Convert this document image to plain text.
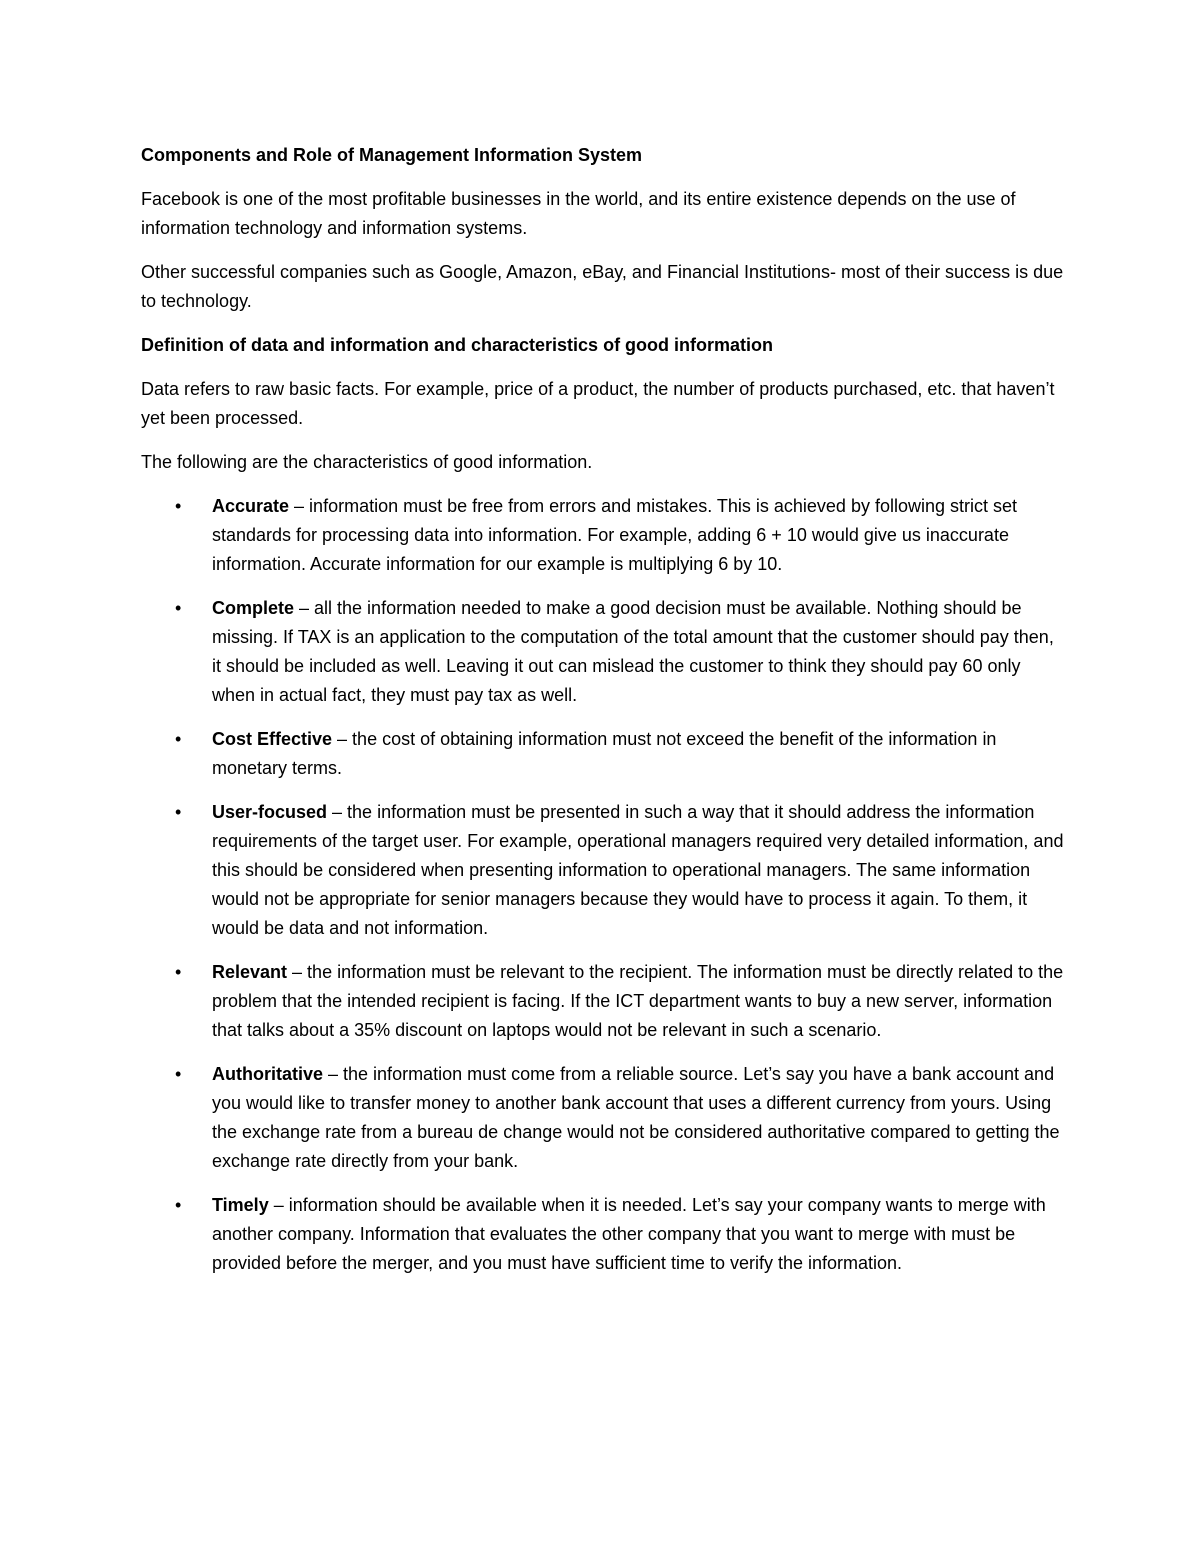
Components and Role of Management Information System

Facebook is one of the most profitable businesses in the world, and its entire existence depends on the use of information technology and information systems.

Other successful companies such as Google, Amazon, eBay, and Financial Institutions- most of their success is due to technology.

Definition of data and information and characteristics of good information

Data refers to raw basic facts. For example, price of a product, the number of products purchased, etc. that haven’t yet been processed.

The following are the characteristics of good information.

• Accurate – information must be free from errors and mistakes. This is achieved by following strict set standards for processing data into information. For example, adding 6 + 10 would give us inaccurate information. Accurate information for our example is multiplying 6 by 10.
• Complete – all the information needed to make a good decision must be available. Nothing should be missing. If TAX is an application to the computation of the total amount that the customer should pay then, it should be included as well. Leaving it out can mislead the customer to think they should pay 60 only when in actual fact, they must pay tax as well.
• Cost Effective – the cost of obtaining information must not exceed the benefit of the information in monetary terms.
• User-focused – the information must be presented in such a way that it should address the information requirements of the target user. For example, operational managers required very detailed information, and this should be considered when presenting information to operational managers. The same information would not be appropriate for senior managers because they would have to process it again. To them, it would be data and not information.
• Relevant – the information must be relevant to the recipient. The information must be directly related to the problem that the intended recipient is facing. If the ICT department wants to buy a new server, information that talks about a 35% discount on laptops would not be relevant in such a scenario.
• Authoritative – the information must come from a reliable source. Let’s say you have a bank account and you would like to transfer money to another bank account that uses a different currency from yours. Using the exchange rate from a bureau de change would not be considered authoritative compared to getting the exchange rate directly from your bank.
• Timely – information should be available when it is needed. Let’s say your company wants to merge with another company. Information that evaluates the other company that you want to merge with must be provided before the merger, and you must have sufficient time to verify the information.
